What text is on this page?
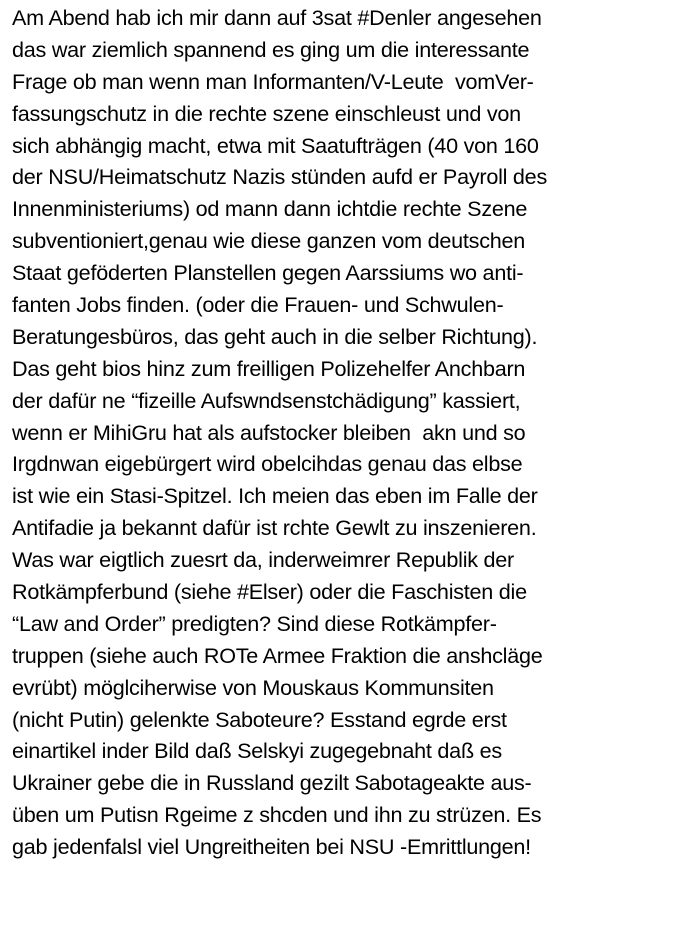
Am Abend hab ich mir dann auf 3sat #Denler angesehen
das war ziemlich spannend es ging um die interessante
Frage ob man wenn man Informanten/V-Leute  vomVer-
fassungschutz in die rechte szene einschleust und von
sich abhängig macht, etwa mit Saatufträgen (40 von 160
der NSU/Heimatschutz Nazis stünden aufd er Payroll des
Innenministeriums) od mann dann ichtdie rechte Szene
subventioniert,genau wie diese ganzen vom deutschen
Staat geföderten Planstellen gegen Aarssiums wo anti-
fanten Jobs finden. (oder die Frauen- und Schwulen-
Beratungesbüros, das geht auch in die selber Richtung).
Das geht bios hinz zum freilligen Polizehelfer Anchbarn
der dafür ne “fizeille Aufswndsenstchädigung” kassiert,
wenn er MihiGru hat als aufstocker bleiben  akn und so
Irgdnwan eigebürgert wird obelcihdas genau das elbse
ist wie ein Stasi-Spitzel. Ich meien das eben im Falle der
Antifadie ja bekannt dafür ist rchte Gewlt zu inszenieren.
Was war eigtlich zuesrt da, inderweimrer Republik der
Rotkämpferbund (siehe #Elser) oder die Faschisten die
“Law and Order” predigten? Sind diese Rotkämpfer-
truppen (siehe auch ROTe Armee Fraktion die anshcläge
evrübt) möglciherwise von Mouskaus Kommunsiten
(nicht Putin) gelenkte Saboteure? Esstand egrde erst
einartikel inder Bild daß Selskyi zugegebnaht daß es
Ukrainer gebe die in Russland gezilt Sabotageakte aus-
üben um Putisn Rgeime z shcden und ihn zu strüzen. Es
gab jedenfalsl viel Ungreitheiten bei NSU -Emrittlungen!
